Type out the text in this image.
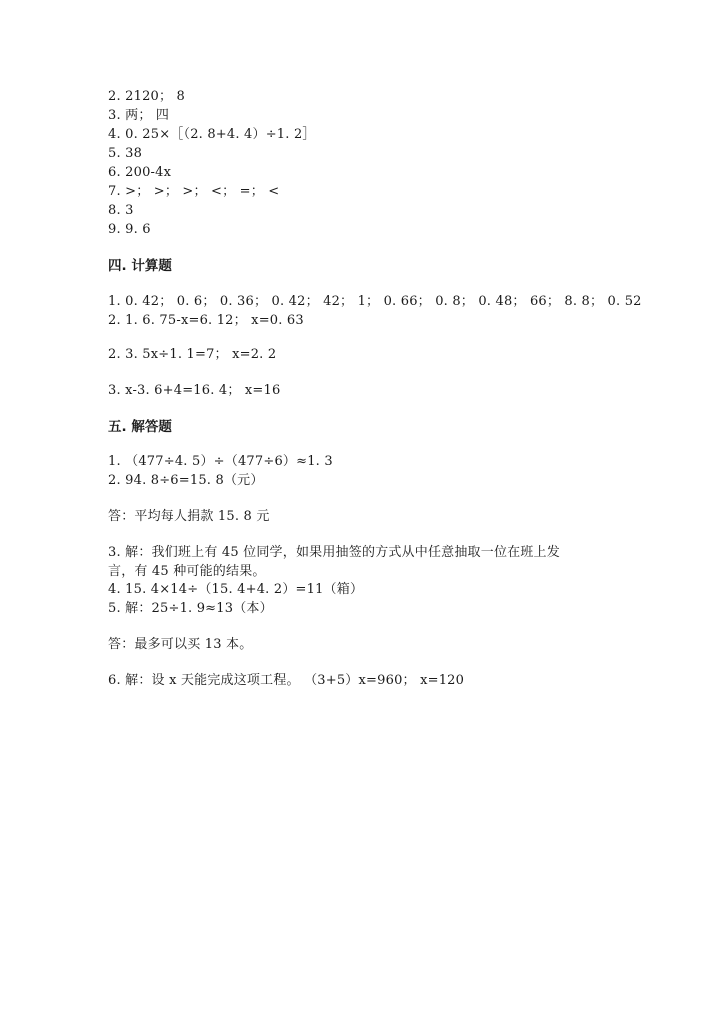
2. 2120； 8
3. 两； 四
4. 0. 25×［（2. 8+4. 4）÷1. 2］
5. 38
6. 200-4x
7. >； >； >； <； =； <
8. 3
9. 9. 6
四. 计算题
1. 0. 42； 0. 6； 0. 36； 0. 42； 42； 1； 0. 66； 0. 8； 0. 48； 66； 8. 8； 0. 52
2. 1. 6. 75-x=6. 12； x=0. 63
2. 3. 5x÷1. 1=7； x=2. 2
3. x-3. 6+4=16. 4； x=16
五. 解答题
1. （477÷4. 5）÷（477÷6）≈1. 3
2. 94. 8÷6=15. 8（元）
答：平均每人捐款 15. 8 元
3. 解：我们班上有 45 位同学，如果用抽签的方式从中任意抽取一位在班上发
言，有 45 种可能的结果。
4. 15. 4×14÷（15. 4+4. 2）=11（箱）
5. 解：25÷1. 9≈13（本）
答：最多可以买 13 本。
6. 解：设 x 天能完成这项工程。 （3+5）x=960； x=120
